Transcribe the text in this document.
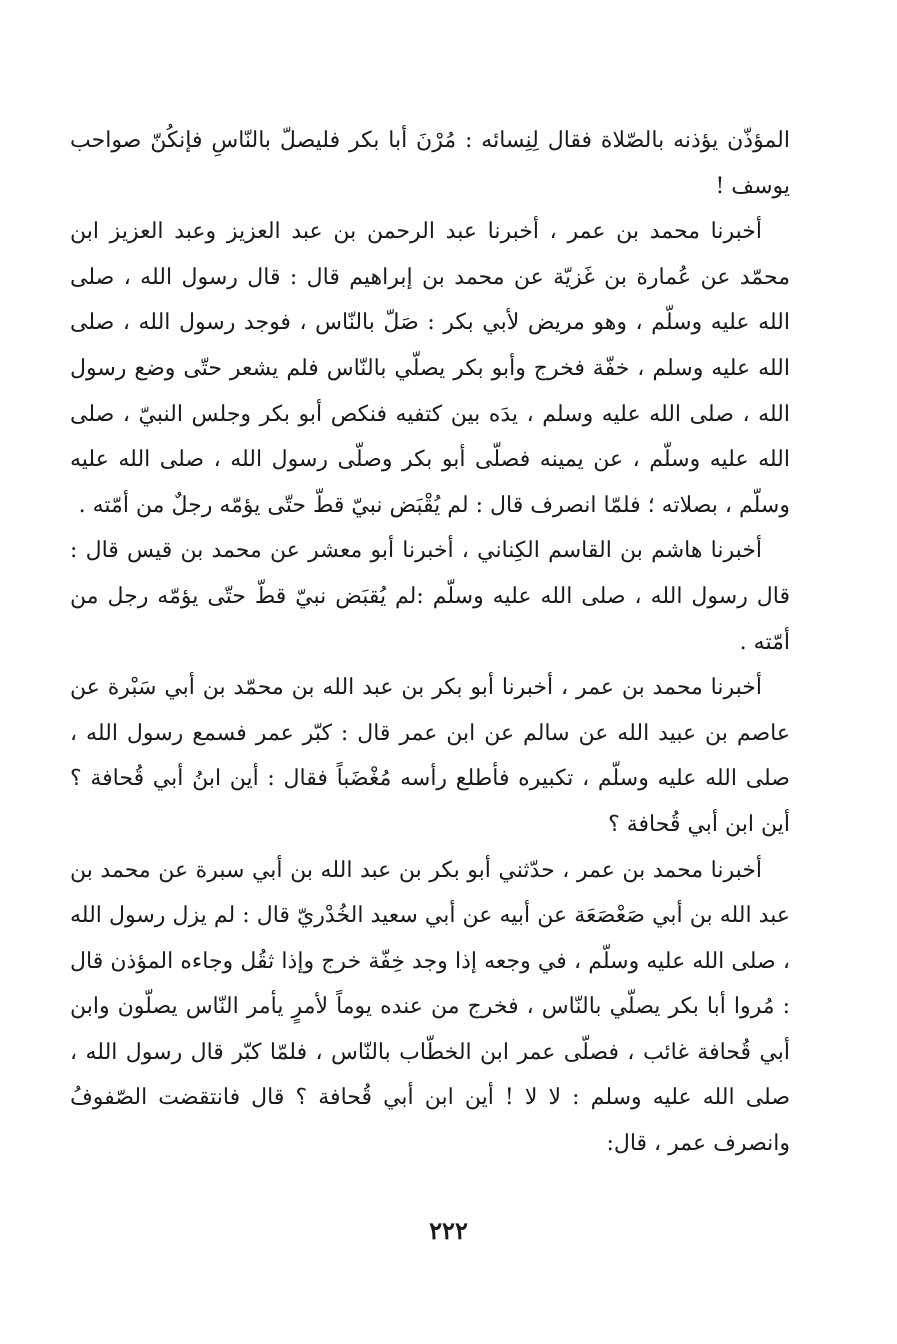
المؤذّن يؤذنه بالصّلاة فقال لِنِسائه : مُرْنَ أبا بكر فليصلّ بالنّاسِ فإنكُنّ صواحب يوسف !

أخبرنا محمد بن عمر ، أخبرنا عبد الرحمن بن عبد العزيز وعبد العزيز ابن محمّد عن عُمارة بن غَزيّة عن محمد بن إبراهيم قال : قال رسول الله ، صلى الله عليه وسلّم ، وهو مريض لأبي بكر : صَلّ بالنّاس ، فوجد رسول الله ، صلى الله عليه وسلم ، خفّة فخرج وأبو بكر يصلّي بالنّاس فلم يشعر حتّى وضع رسول الله ، صلى الله عليه وسلم ، يدَه بين كتفيه فنكص أبو بكر وجلس النبيّ ، صلى الله عليه وسلّم ، عن يمينه فصلّى أبو بكر وصلّى رسول الله ، صلى الله عليه وسلّم ، بصلاته ؛ فلمّا انصرف قال : لم يُقْبَض نبيّ قطّ حتّى يؤمّه رجلٌ من أمّته .

أخبرنا هاشم بن القاسم الكِناني ، أخبرنا أبو معشر عن محمد بن قيس قال : قال رسول الله ، صلى الله عليه وسلّم :لم يُقبَض نبيّ قطّ حتّى يؤمّه رجل من أمّته .

أخبرنا محمد بن عمر ، أخبرنا أبو بكر بن عبد الله بن محمّد بن أبي سَبْرة عن عاصم بن عبيد الله عن سالم عن ابن عمر قال : كبّر عمر فسمع رسول الله ، صلى الله عليه وسلّم ، تكبيره فأطلع رأسه مُغْضَباً فقال : أين ابنُ أبي قُحافة ؟ أين ابن أبي قُحافة ؟

أخبرنا محمد بن عمر ، حدّثني أبو بكر بن عبد الله بن أبي سبرة عن محمد بن عبد الله بن أبي صَعْصَعَة عن أبيه عن أبي سعيد الخُدْريّ قال : لم يزل رسول الله ، صلى الله عليه وسلّم ، في وجعه إذا وجد خِفّة خرج وإذا ثقُل وجاءه المؤذن قال : مُروا أبا بكر يصلّي بالنّاس ، فخرج من عنده يوماً لأمرٍ يأمر النّاس يصلّون وابن أبي قُحافة غائب ، فصلّى عمر ابن الخطّاب بالنّاس ، فلمّا كبّر قال رسول الله ، صلى الله عليه وسلم : لا لا ! أين ابن أبي قُحافة ؟ قال فانتقضت الصّفوفُ وانصرف عمر ، قال:

٢٢٢
